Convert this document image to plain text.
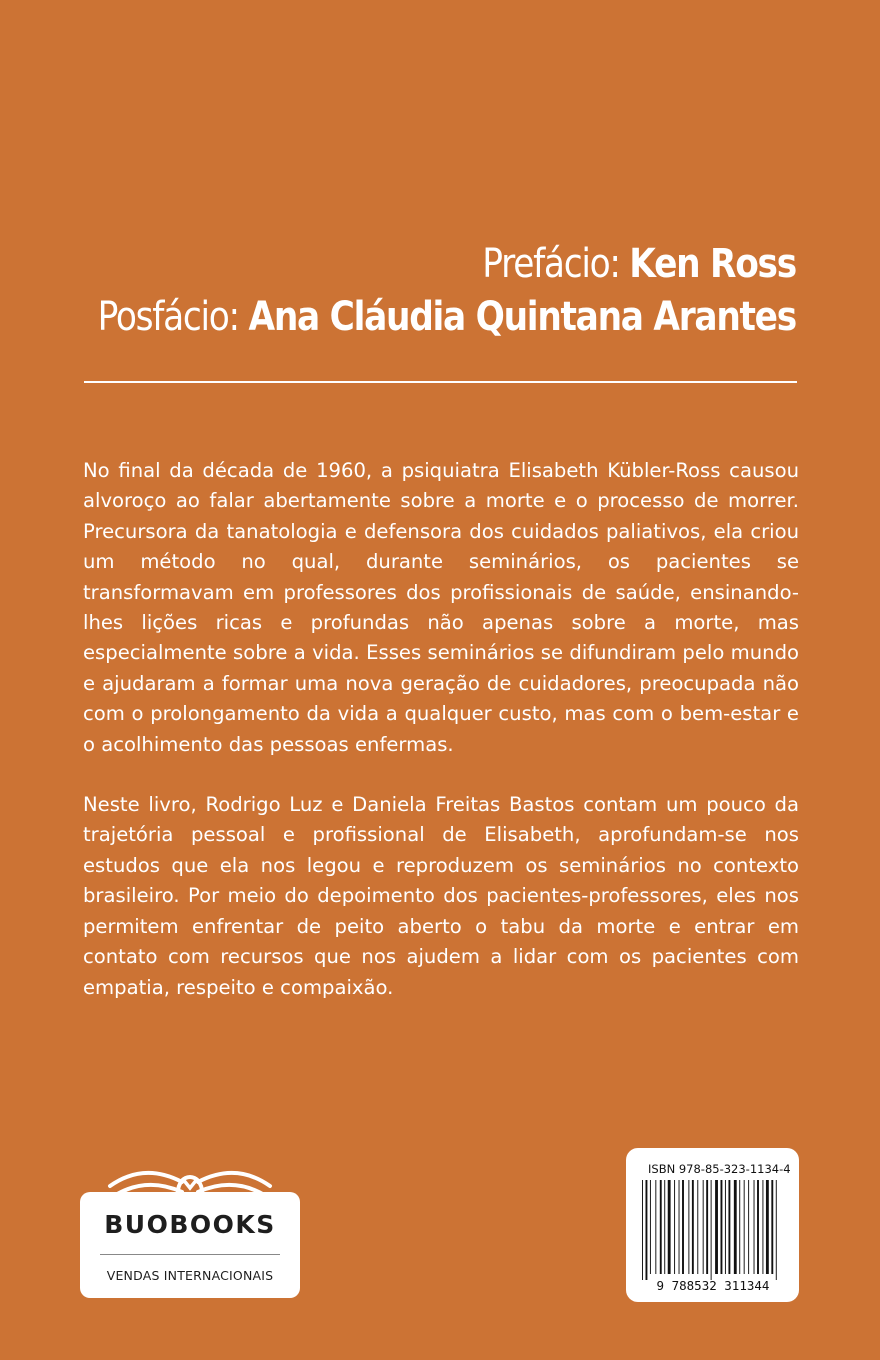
Prefácio: Ken Ross
Posfácio: Ana Cláudia Quintana Arantes

No final da década de 1960, a psiquiatra Elisabeth Kübler-Ross causou alvoroço ao falar abertamente sobre a morte e o processo de morrer. Precursora da tanatologia e defensora dos cuidados paliativos, ela criou um método no qual, durante seminários, os pacientes se transformavam em professores dos profissionais de saúde, ensinando-lhes lições ricas e profundas não apenas sobre a morte, mas especialmente sobre a vida. Esses seminários se difundiram pelo mundo e ajudaram a formar uma nova geração de cuidadores, preocupada não com o prolongamento da vida a qualquer custo, mas com o bem-estar e o acolhimento das pessoas enfermas.

Neste livro, Rodrigo Luz e Daniela Freitas Bastos contam um pouco da trajetória pessoal e profissional de Elisabeth, aprofundam-se nos estudos que ela nos legou e reproduzem os seminários no contexto brasileiro. Por meio do depoimento dos pacientes-professores, eles nos permitem enfrentar de peito aberto o tabu da morte e entrar em contato com recursos que nos ajudem a lidar com os pacientes com empatia, respeito e compaixão.

BUOBOOKS
VENDAS INTERNACIONAIS
ISBN 978-85-323-1134-4
9 788532 311344
